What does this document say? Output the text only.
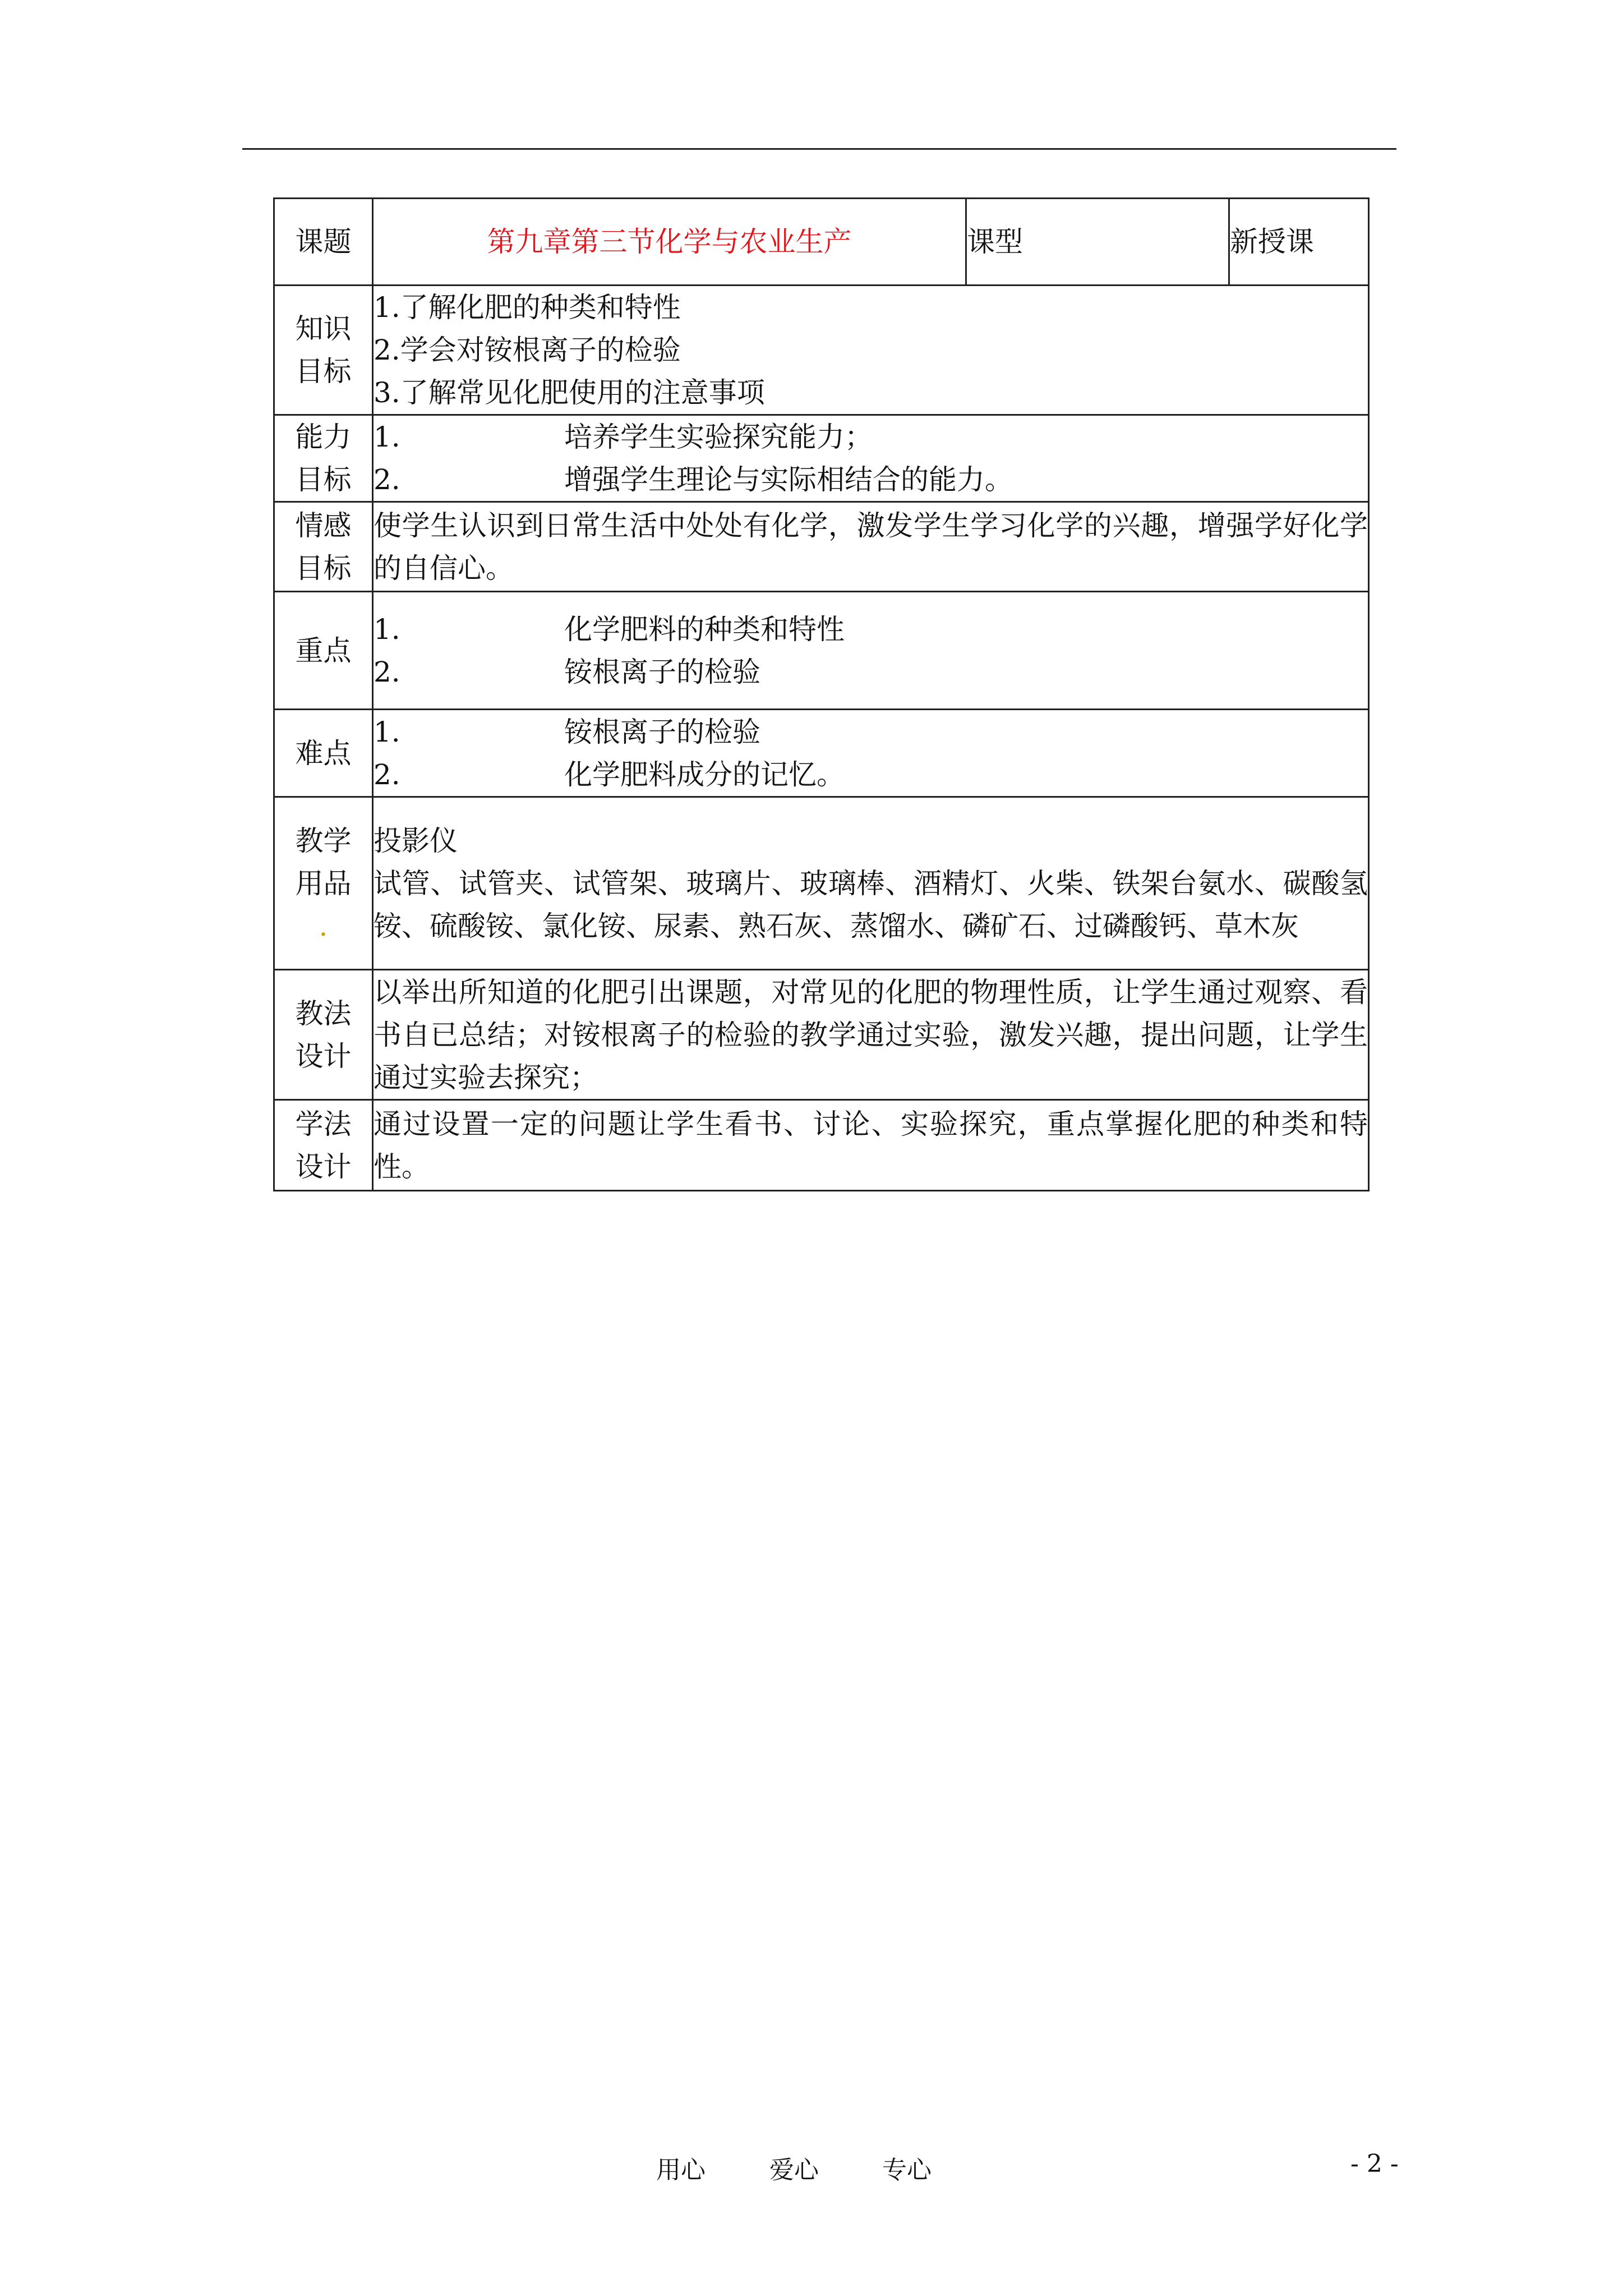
课题	第九章第三节化学与农业生产	课型	新授课

知识
目标	1.了解化肥的种类和特性
2.学会对铵根离子的检验
3.了解常见化肥使用的注意事项		

能力
目标	1. 培养学生实验探究能力；
2. 增强学生理论与实际相结合的能力。		

情感
目标	使学生认识到日常生活中处处有化学，激发学生学习化学的兴趣，增强学好化学的自信心。		

重点	1. 化学肥料的种类和特性
2. 铵根离子的检验		

难点	1. 铵根离子的检验
2. 化学肥料成分的记忆。		

教学
用品
.	投影仪
试管、试管夹、试管架、玻璃片、玻璃棒、酒精灯、火柴、铁架台氨水、碳酸氢铵、硫酸铵、氯化铵、尿素、熟石灰、蒸馏水、磷矿石、过磷酸钙、草木灰		

教法
设计	以举出所知道的化肥引出课题，对常见的化肥的物理性质，让学生通过观察、看书自已总结；对铵根离子的检验的教学通过实验，激发兴趣，提出问题，让学生通过实验去探究；		

学法
设计	通过设置一定的问题让学生看书、讨论、实验探究，重点掌握化肥的种类和特性。		
用心	爱心	专心	- 2 -
